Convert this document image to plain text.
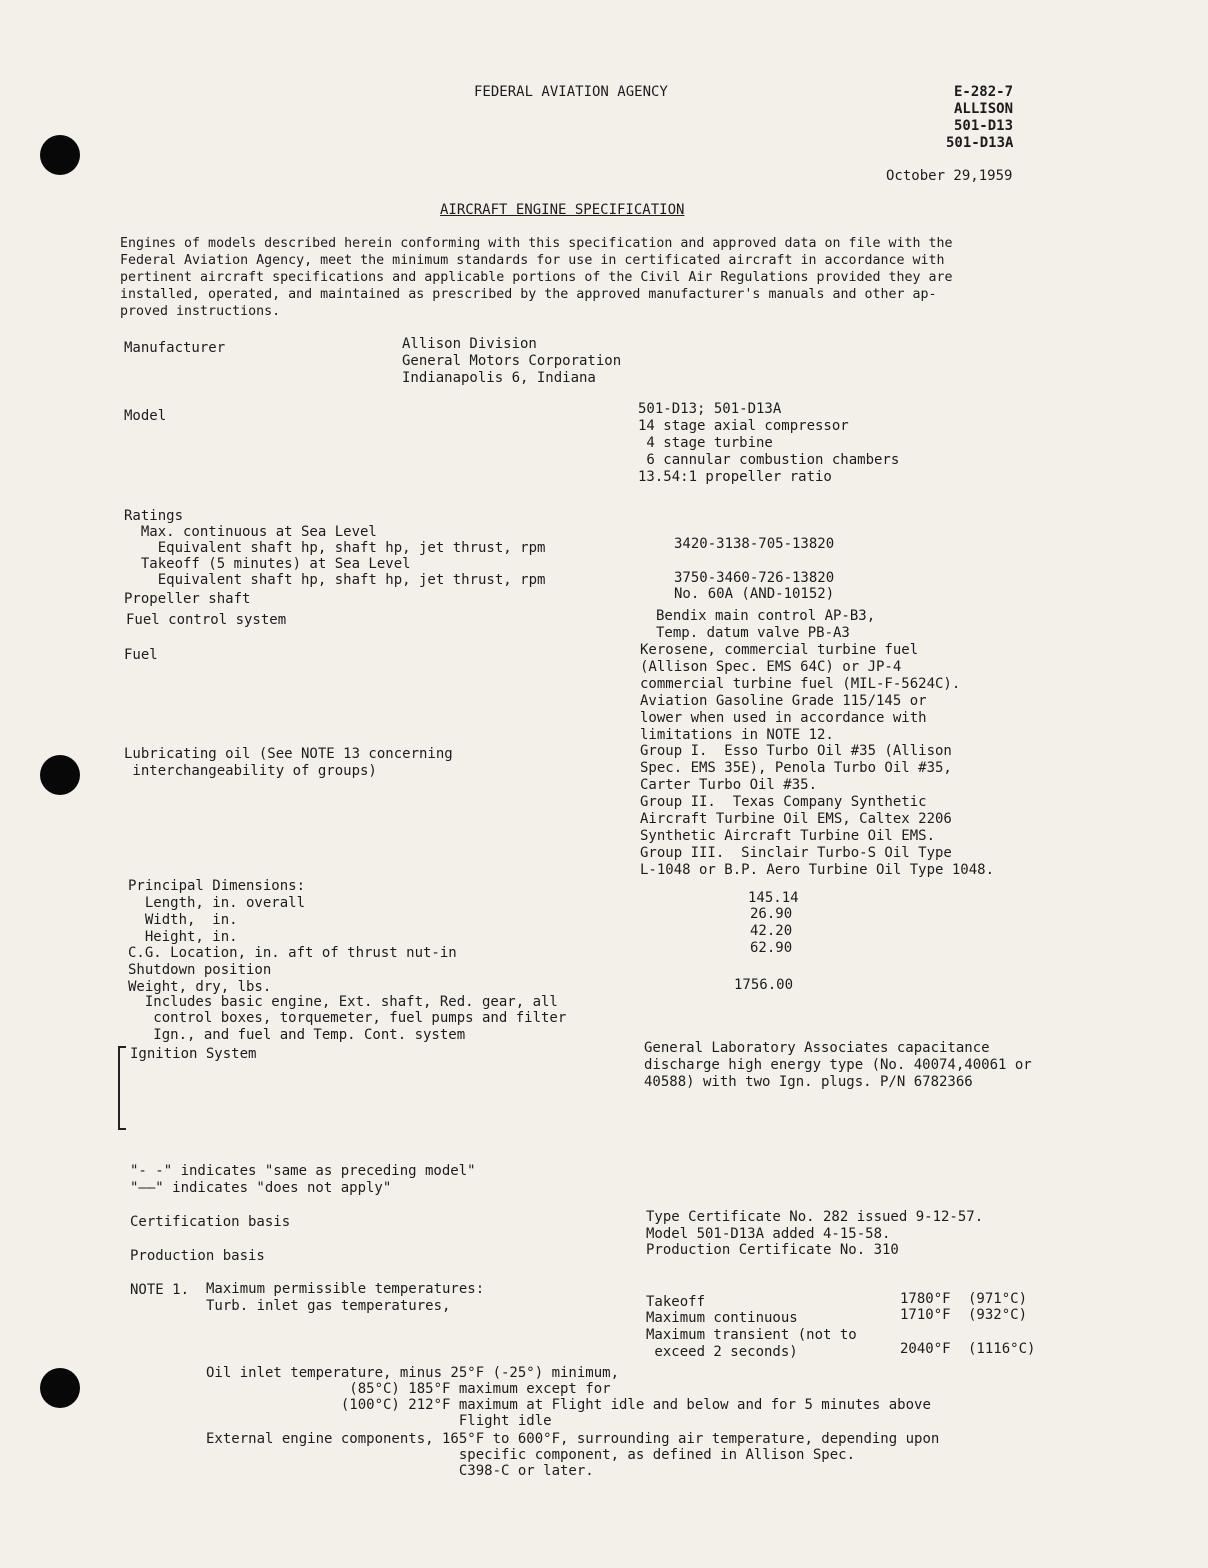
FEDERAL AVIATION AGENCY	E-282-7
ALLISON
501-D13
501-D13A
October 29,1959
AIRCRAFT ENGINE SPECIFICATION
Engines of models described herein conforming with this specification and approved data on file with the
Federal Aviation Agency, meet the minimum standards for use in certificated aircraft in accordance with
pertinent aircraft specifications and applicable portions of the Civil Air Regulations provided they are
installed, operated, and maintained as prescribed by the approved manufacturer's manuals and other ap-
proved instructions.
Manufacturer	Allison Division
General Motors Corporation
Indianapolis 6, Indiana
Model	501-D13; 501-D13A
14 stage axial compressor
4 stage turbine
6 cannular combustion chambers
13.54:1 propeller ratio
Ratings
Max. continuous at Sea Level
Equivalent shaft hp, shaft hp, jet thrust, rpm	3420-3138-705-13820
Takeoff (5 minutes) at Sea Level
Equivalent shaft hp, shaft hp, jet thrust, rpm	3750-3460-726-13820
Propeller shaft	No. 60A (AND-10152)
Fuel control system	Bendix main control AP-B3,
Temp. datum valve PB-A3
Fuel	Kerosene, commercial turbine fuel
(Allison Spec. EMS 64C) or JP-4
commercial turbine fuel (MIL-F-5624C).
Aviation Gasoline Grade 115/145 or
lower when used in accordance with
limitations in NOTE 12.
Lubricating oil (See NOTE 13 concerning
interchangeability of groups)
Group I.  Esso Turbo Oil #35 (Allison
Spec. EMS 35E), Penola Turbo Oil #35,
Carter Turbo Oil #35.
Group II.  Texas Company Synthetic
Aircraft Turbine Oil EMS, Caltex 2206
Synthetic Aircraft Turbine Oil EMS.
Group III.  Sinclair Turbo-S Oil Type
L-1048 or B.P. Aero Turbine Oil Type 1048.
Principal Dimensions:
Length, in. overall	145.14
Width,  in.	26.90
Height, in.	42.20
C.G. Location, in. aft of thrust nut-in	62.90
Shutdown position
Weight, dry, lbs.	1756.00
Includes basic engine, Ext. shaft, Red. gear, all
control boxes, torquemeter, fuel pumps and filter
Ign., and fuel and Temp. Cont. system
Ignition System	General Laboratory Associates capacitance
discharge high energy type (No. 40074,40061 or
40588) with two Ign. plugs. P/N 6782366
"- -" indicates "same as preceding model"
"——" indicates "does not apply"
Certification basis	Type Certificate No. 282 issued 9-12-57.
Model 501-D13A added 4-15-58.
Production basis	Production Certificate No. 310
NOTE 1. Maximum permissible temperatures:
Turb. inlet gas temperatures,	Takeoff	1780°F (971°C)
Maximum continuous	1710°F (932°C)
Maximum transient (not to
exceed 2 seconds)	2040°F (1116°C)
Oil inlet temperature, minus 25°F (-25°) minimum,
(85°C) 185°F maximum except for
(100°C) 212°F maximum at Flight idle and below and for 5 minutes above
Flight idle
External engine components, 165°F to 600°F, surrounding air temperature, depending upon
specific component, as defined in Allison Spec.
C398-C or later.
